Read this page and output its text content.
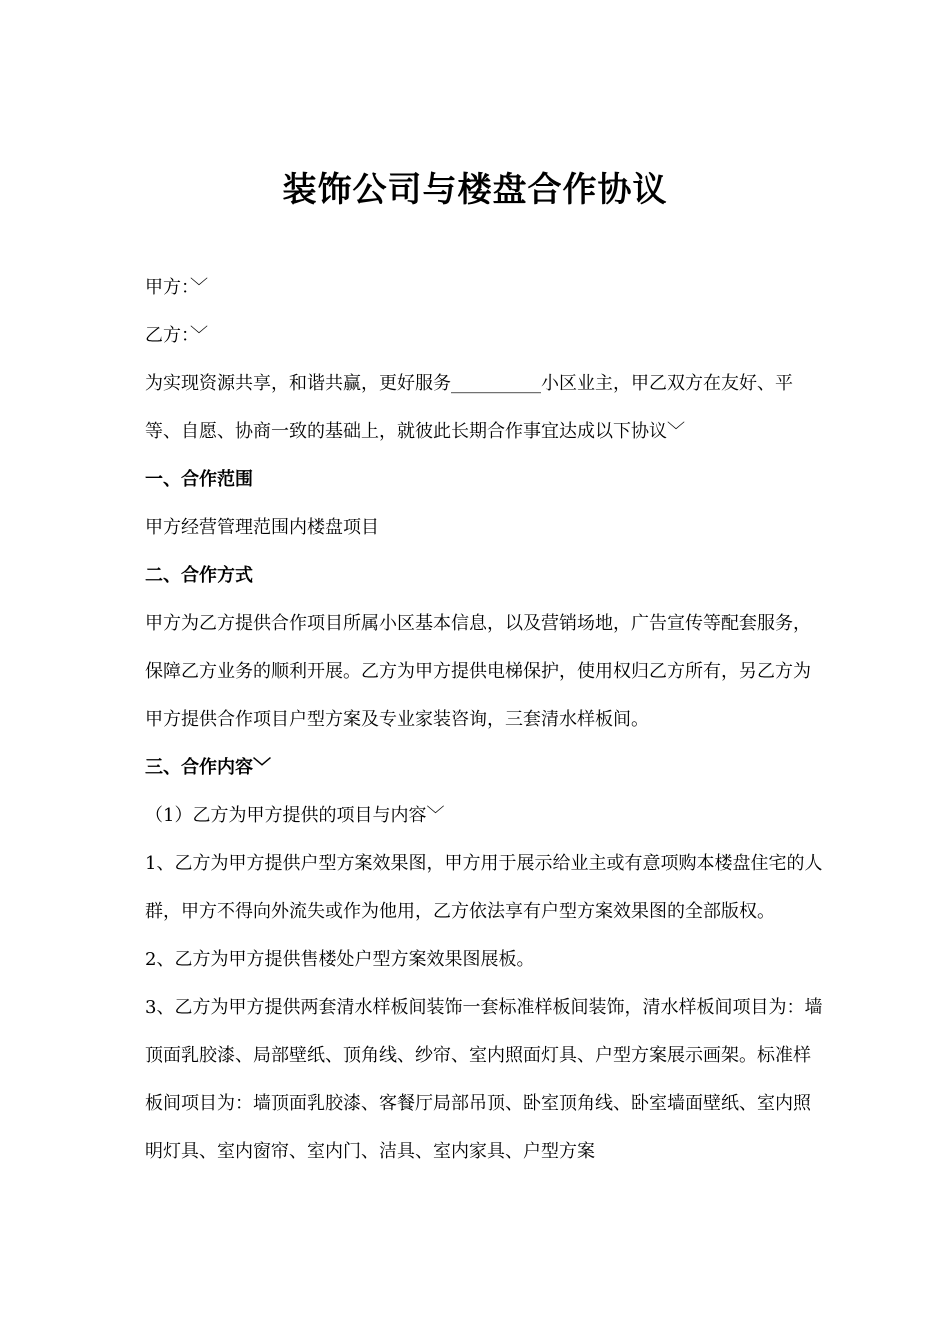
装饰公司与楼盘合作协议

甲方：﹀

乙方：﹀

为实现资源共享，和谐共赢，更好服务__________小区业主，甲乙双方在友好、平等、自愿、协商一致的基础上，就彼此长期合作事宜达成以下协议﹀

一、合作范围

甲方经营管理范围内楼盘项目

二、合作方式

甲方为乙方提供合作项目所属小区基本信息，以及营销场地，广告宣传等配套服务，保障乙方业务的顺利开展。乙方为甲方提供电梯保护，使用权归乙方所有，另乙方为甲方提供合作项目户型方案及专业家装咨询，三套清水样板间。

三、合作内容﹀

（1）乙方为甲方提供的项目与内容﹀

1、乙方为甲方提供户型方案效果图，甲方用于展示给业主或有意项购本楼盘住宅的人群，甲方不得向外流失或作为他用，乙方依法享有户型方案效果图的全部版权。

2、乙方为甲方提供售楼处户型方案效果图展板。

3、乙方为甲方提供两套清水样板间装饰一套标准样板间装饰，清水样板间项目为：墙顶面乳胶漆、局部壁纸、顶角线、纱帘、室内照面灯具、户型方案展示画架。标准样板间项目为：墙顶面乳胶漆、客餐厅局部吊顶、卧室顶角线、卧室墙面壁纸、室内照明灯具、室内窗帘、室内门、洁具、室内家具、户型方案
